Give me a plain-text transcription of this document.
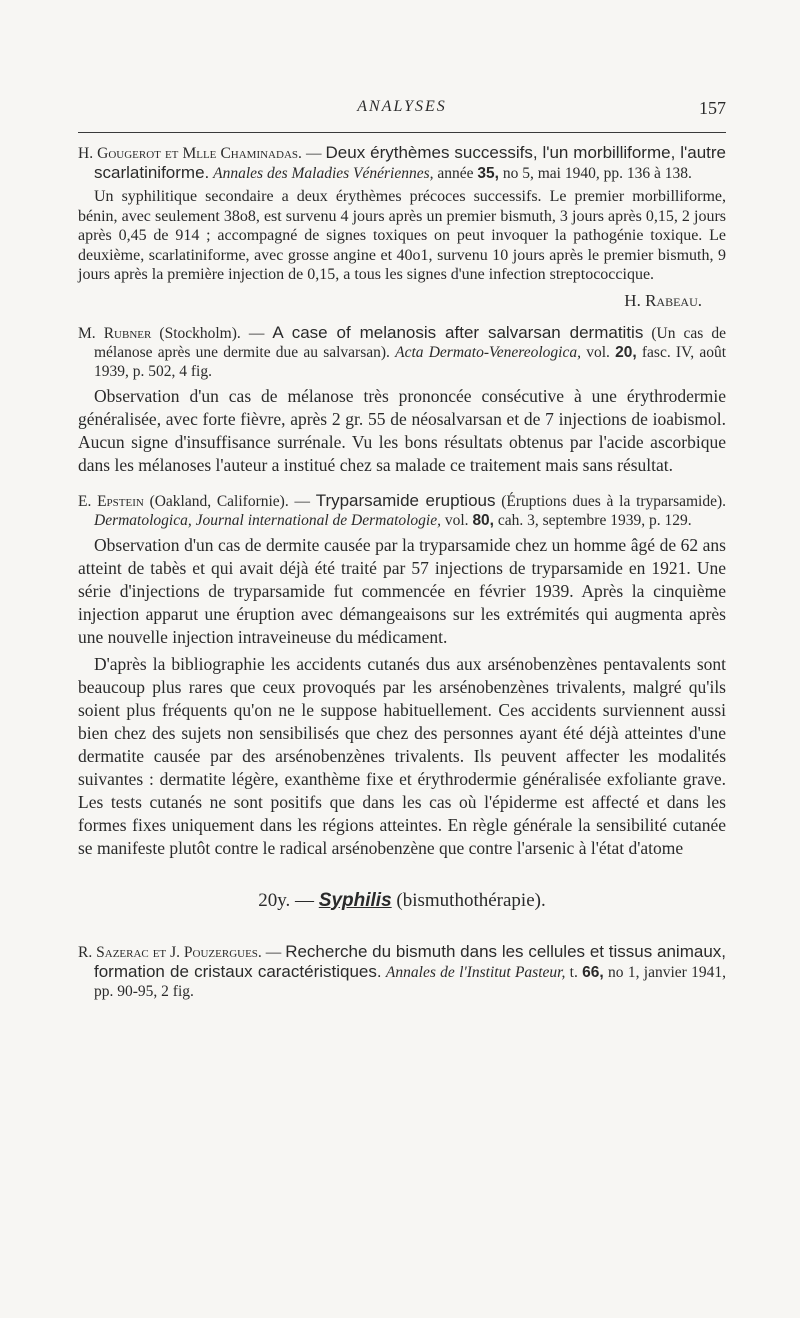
ANALYSES	157

H. Gougerot et Mlle Chaminadas. — Deux érythèmes successifs, l'un morbilliforme, l'autre scarlatiniforme. Annales des Maladies Vénériennes, année 35, no 5, mai 1940, pp. 136 à 138.

Un syphilitique secondaire a deux érythèmes précoces successifs. Le premier morbilliforme, bénin, avec seulement 38o8, est survenu 4 jours après un premier bismuth, 3 jours après 0,15, 2 jours après 0,45 de 914 ; accompagné de signes toxiques on peut invoquer la pathogénie toxique. Le deuxième, scarlatiniforme, avec grosse angine et 40o1, survenu 10 jours après le premier bismuth, 9 jours après la première injection de 0,15, a tous les signes d'une infection streptococcique.

H. Rabeau.

M. Rubner (Stockholm). — A case of melanosis after salvarsan dermatitis (Un cas de mélanose après une dermite due au salvarsan). Acta Dermato-Venereologica, vol. 20, fasc. IV, août 1939, p. 502, 4 fig.

Observation d'un cas de mélanose très prononcée consécutive à une érythrodermie généralisée, avec forte fièvre, après 2 gr. 55 de néosalvarsan et de 7 injections de ioabismol. Aucun signe d'insuffisance surrénale. Vu les bons résultats obtenus par l'acide ascorbique dans les mélanoses l'auteur a institué chez sa malade ce traitement mais sans résultat.

E. Epstein (Oakland, Californie). — Tryparsamide eruptious (Éruptions dues à la tryparsamide). Dermatologica, Journal international de Dermatologie, vol. 80, cah. 3, septembre 1939, p. 129.

Observation d'un cas de dermite causée par la tryparsamide chez un homme âgé de 62 ans atteint de tabès et qui avait déjà été traité par 57 injections de tryparsamide en 1921. Une série d'injections de tryparsamide fut commencée en février 1939. Après la cinquième injection apparut une éruption avec démangeaisons sur les extrémités qui augmenta après une nouvelle injection intraveineuse du médicament.

D'après la bibliographie les accidents cutanés dus aux arsénobenzènes pentavalents sont beaucoup plus rares que ceux provoqués par les arsénobenzènes trivalents, malgré qu'ils soient plus fréquents qu'on ne le suppose habituellement. Ces accidents surviennent aussi bien chez des sujets non sensibilisés que chez des personnes ayant été déjà atteintes d'une dermatite causée par des arsénobenzènes trivalents. Ils peuvent affecter les modalités suivantes : dermatite légère, exanthème fixe et érythrodermie généralisée exfoliante grave. Les tests cutanés ne sont positifs que dans les cas où l'épiderme est affecté et dans les formes fixes uniquement dans les régions atteintes. En règle générale la sensibilité cutanée se manifeste plutôt contre le radical arsénobenzène que contre l'arsenic à l'état d'atome

20y. — Syphilis (bismuthothérapie).

R. Sazerac et J. Pouzergues. — Recherche du bismuth dans les cellules et tissus animaux, formation de cristaux caractéristiques. Annales de l'Institut Pasteur, t. 66, no 1, janvier 1941, pp. 90-95, 2 fig.
